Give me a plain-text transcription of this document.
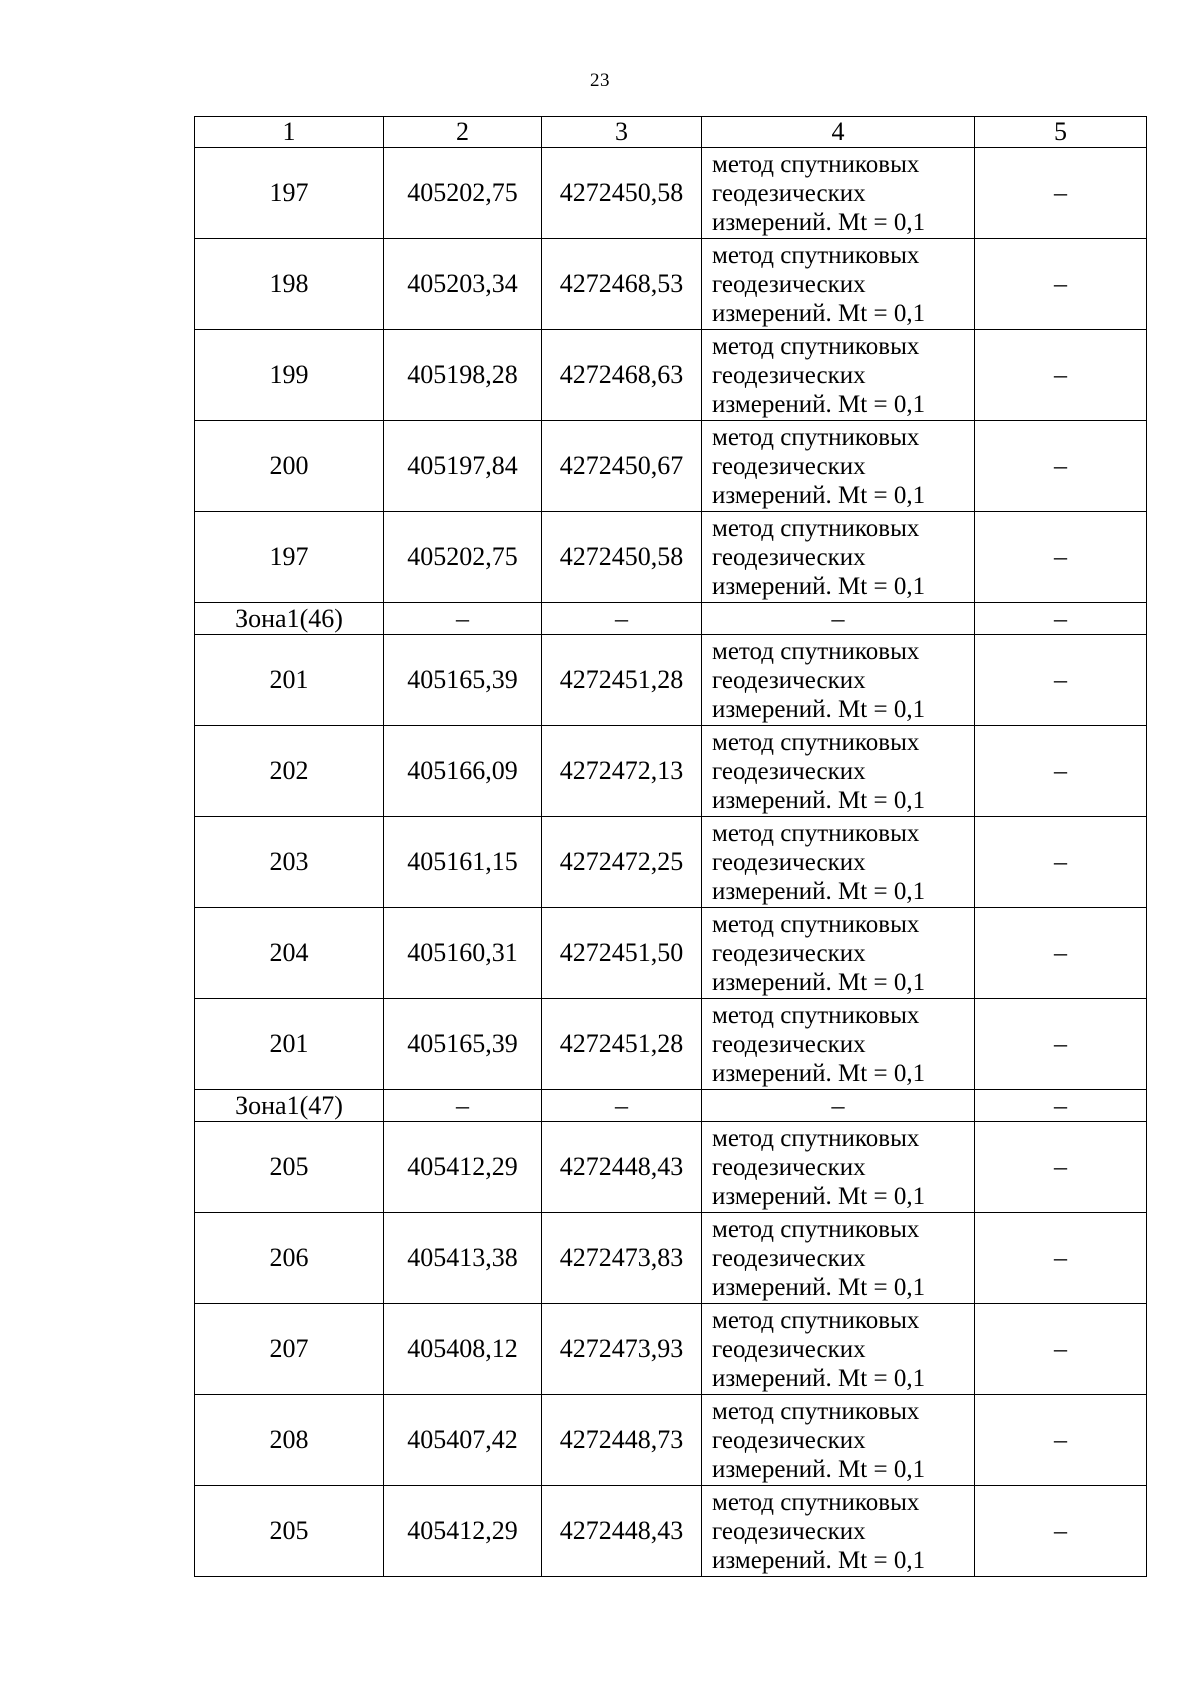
23
1	2	3	4	5
197	405202,75	4272450,58	метод спутниковых
геодезических
измерений. Mt = 0,1	–
198	405203,34	4272468,53	метод спутниковых
геодезических
измерений. Mt = 0,1	–
199	405198,28	4272468,63	метод спутниковых
геодезических
измерений. Mt = 0,1	–
200	405197,84	4272450,67	метод спутниковых
геодезических
измерений. Mt = 0,1	–
197	405202,75	4272450,58	метод спутниковых
геодезических
измерений. Mt = 0,1	–
Зона1(46)	–	–	–	–
201	405165,39	4272451,28	метод спутниковых
геодезических
измерений. Mt = 0,1	–
202	405166,09	4272472,13	метод спутниковых
геодезических
измерений. Mt = 0,1	–
203	405161,15	4272472,25	метод спутниковых
геодезических
измерений. Mt = 0,1	–
204	405160,31	4272451,50	метод спутниковых
геодезических
измерений. Mt = 0,1	–
201	405165,39	4272451,28	метод спутниковых
геодезических
измерений. Mt = 0,1	–
Зона1(47)	–	–	–	–
205	405412,29	4272448,43	метод спутниковых
геодезических
измерений. Mt = 0,1	–
206	405413,38	4272473,83	метод спутниковых
геодезических
измерений. Mt = 0,1	–
207	405408,12	4272473,93	метод спутниковых
геодезических
измерений. Mt = 0,1	–
208	405407,42	4272448,73	метод спутниковых
геодезических
измерений. Mt = 0,1	–
205	405412,29	4272448,43	метод спутниковых
геодезических
измерений. Mt = 0,1	–
